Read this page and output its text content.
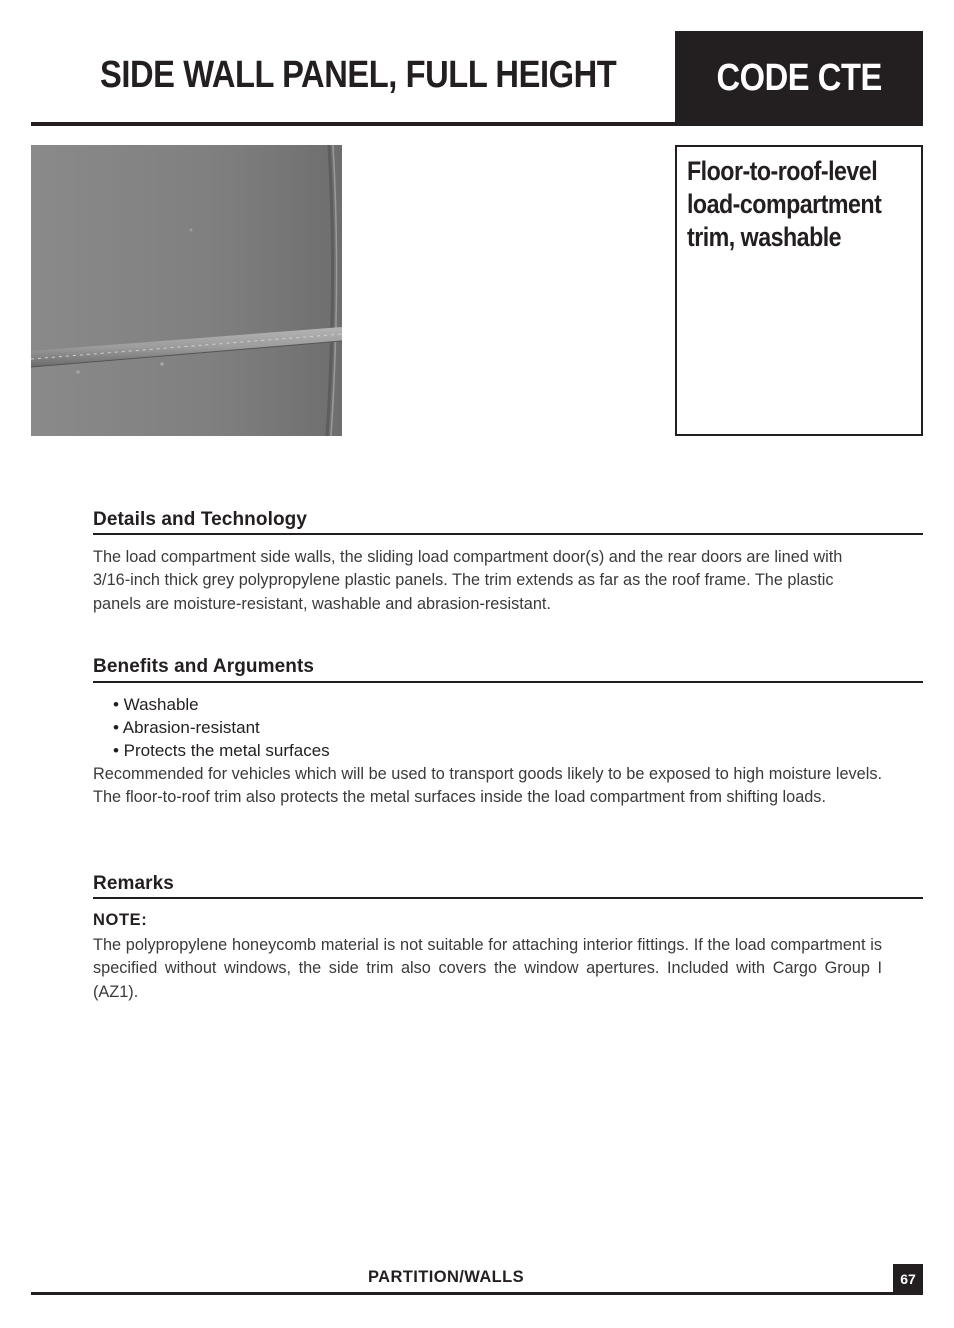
SIDE WALL PANEL, FULL HEIGHT	CODE CTE

Floor-to-roof-level load-compartment trim, washable

Details and Technology

The load compartment side walls, the sliding load compartment door(s) and the rear doors are lined with 3/16-inch thick grey polypropylene plastic panels. The trim extends as far as the roof frame. The plastic panels are moisture-resistant, washable and abrasion-resistant.

Benefits and Arguments
• Washable
• Abrasion-resistant
• Protects the metal surfaces

Recommended for vehicles which will be used to transport goods likely to be exposed to high moisture levels. The floor-to-roof trim also protects the metal surfaces inside the load compartment from shifting loads.

Remarks

NOTE:

The polypropylene honeycomb material is not suitable for attaching interior fittings. If the load compartment is specified without windows, the side trim also covers the window apertures. Included with Cargo Group I (AZ1).

PARTITION/WALLS	67
